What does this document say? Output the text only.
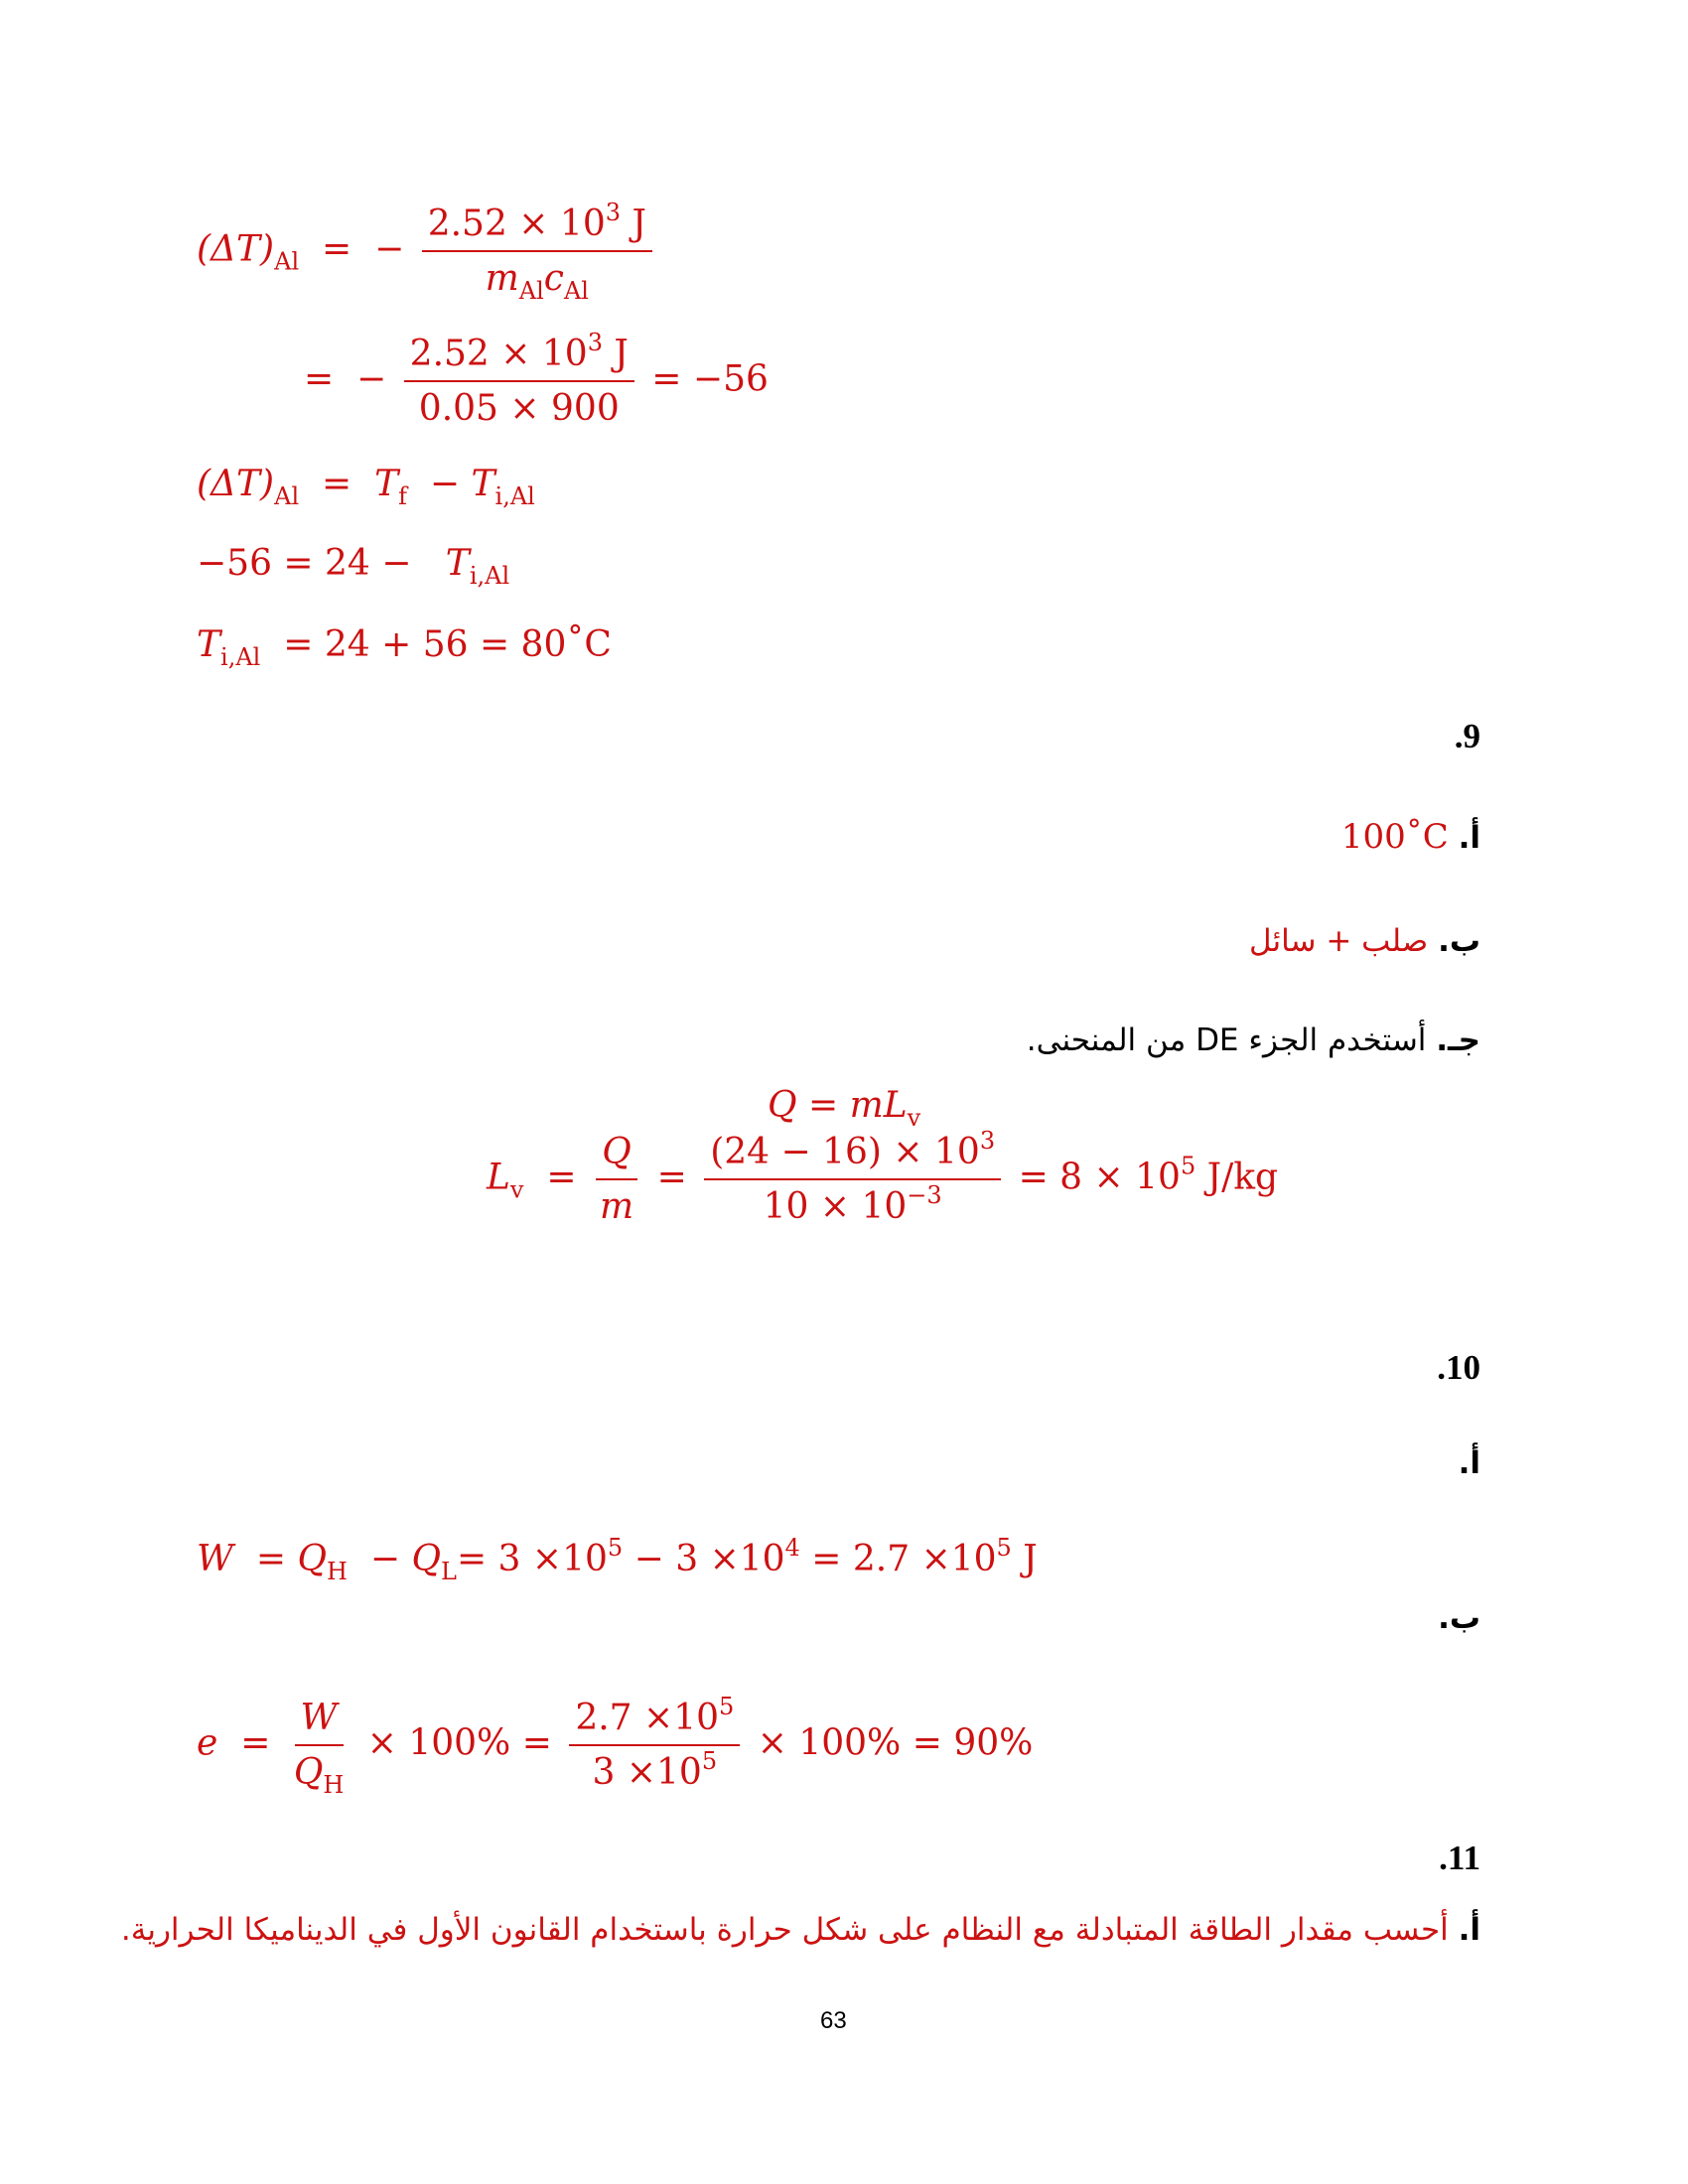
$(\Delta T)_{Al}$  =  − $\frac{2.52 \times 10^3 J}{m_{Al}c_{Al}}$
=  − $\frac{2.52 \times 10^3 J}{0.05 \times 900} = -56$
$(\Delta T)_{Al} = T_f - T_{i,Al}$
$-56 = 24 - T_{i,Al}$
$T_{i,Al} = 24 + 56$ = 80˚C
.9
أ. 100˚C
ب. صلب + سائل
جـ. أستخدم الجزء DE من المنحنى.
$Q = mL_v$
$L_v = \frac{Q}{m} = \frac{(24 - 16) \times 10^3}{10 \times 10^{-3}} = 8 \times 10^5$ J/kg
.10
أ.
$W = Q_H - Q_L= 3 \times 10^5 - 3 \times 10^4 = 2.7 \times 10^5$ J
ب.
$e = \frac{W}{Q_H} \times 100\% = \frac{2.7 \times 10^5}{3 \times 10^5} \times 100\% = 90\%$
.11
أ. أحسب مقدار الطاقة المتبادلة مع النظام على شكل حرارة باستخدام القانون الأول في الديناميكا الحرارية.
63
